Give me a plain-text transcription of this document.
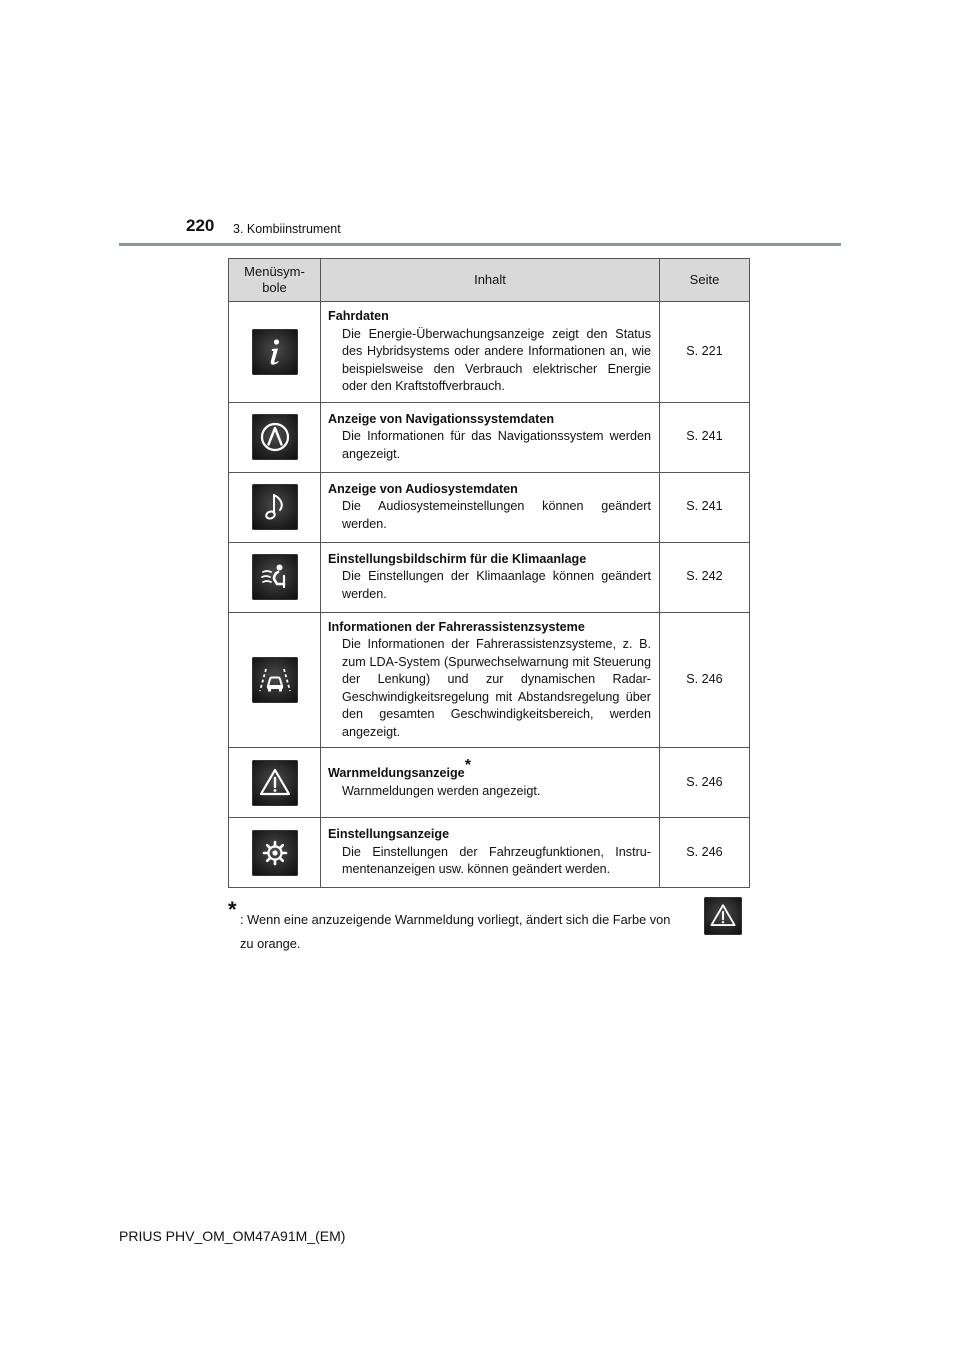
220 3. Kombiinstrument
Menüsym-
bole	Inhalt	Seite

Fahrdaten
Die Energie-Überwachungsanzeige zeigt den Status des Hybridsystems oder andere Informationen an, wie beispielsweise den Verbrauch elektrischer Energie oder den Kraftstoffverbrauch.	S. 221

Anzeige von Navigationssystemdaten
Die Informationen für das Navigationssystem werden angezeigt.	S. 241

Anzeige von Audiosystemdaten
Die Audiosystemeinstellungen können geändert werden.	S. 241

Einstellungsbildschirm für die Klimaanlage
Die Einstellungen der Klimaanlage können geändert werden.	S. 242

Informationen der Fahrerassistenzsysteme
Die Informationen der Fahrerassistenzsysteme, z. B. zum LDA-System (Spurwechselwarnung mit Steuerung der Lenkung) und zur dynamischen Radar-Geschwindigkeitsregelung mit Abstandsregelung über den gesamten Geschwindigkeitsbereich, werden angezeigt.	S. 246

Warnmeldungsanzeige*
Warnmeldungen werden angezeigt.	S. 246

Einstellungsanzeige
Die Einstellungen der Fahrzeugfunktionen, Instrumentenanzeigen usw. können geändert werden.	S. 246
* : Wenn eine anzuzeigende Warnmeldung vorliegt, ändert sich die Farbe von
zu orange.
PRIUS PHV_OM_OM47A91M_(EM)
